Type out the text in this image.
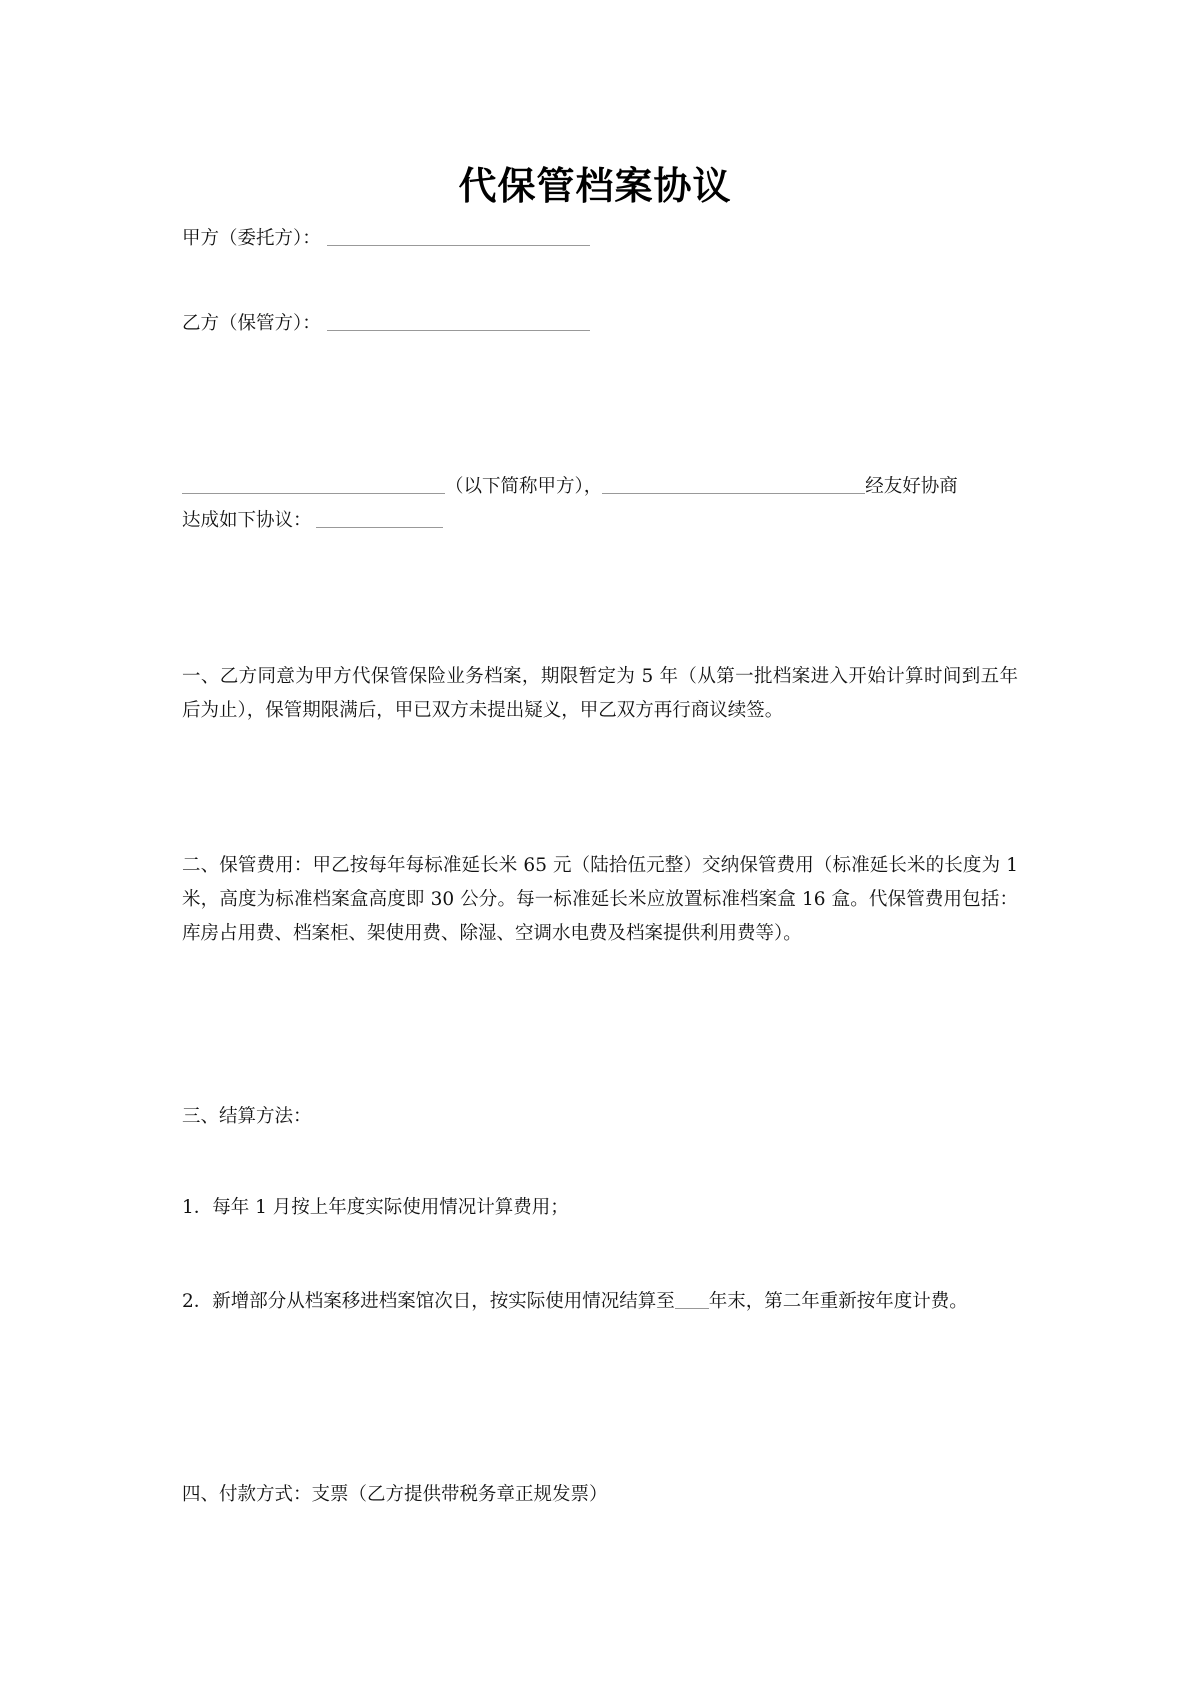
代保管档案协议
甲方（委托方）：
乙方（保管方）：
（以下简称甲方），	经友好协商
达成如下协议：
一、乙方同意为甲方代保管保险业务档案，期限暂定为 5 年（从第一批档案进入开始计算时间到五年后为止），保管期限满后，甲已双方未提出疑义，甲乙双方再行商议续签。
二、保管费用：甲乙按每年每标准延长米 65 元（陆拾伍元整）交纳保管费用（标准延长米的长度为 1 米，高度为标准档案盒高度即 30 公分。每一标准延长米应放置标准档案盒 16 盒。代保管费用包括：库房占用费、档案柜、架使用费、除湿、空调水电费及档案提供利用费等）。
三、结算方法：
1．每年 1 月按上年度实际使用情况计算费用；
2．新增部分从档案移进档案馆次日，按实际使用情况结算至 年末，第二年重新按年度计费。
四、付款方式：支票（乙方提供带税务章正规发票）
